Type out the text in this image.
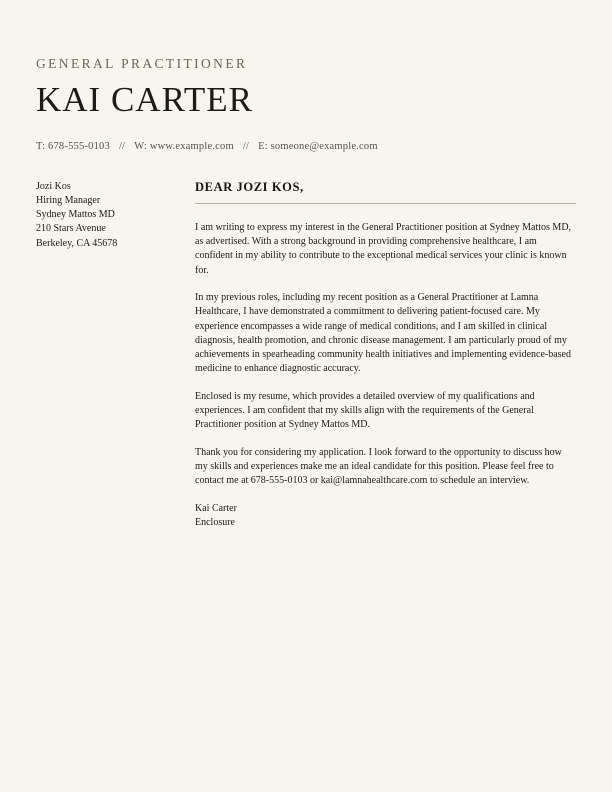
GENERAL PRACTITIONER
KAI CARTER
T: 678-555-0103 // W: www.example.com // E: someone@example.com
Jozi Kos
Hiring Manager
Sydney Mattos MD
210 Stars Avenue
Berkeley, CA 45678
DEAR JOZI KOS,

I am writing to express my interest in the General Practitioner position at Sydney Mattos MD, as advertised. With a strong background in providing comprehensive healthcare, I am confident in my ability to contribute to the exceptional medical services your clinic is known for.

In my previous roles, including my recent position as a General Practitioner at Lamna Healthcare, I have demonstrated a commitment to delivering patient-focused care. My experience encompasses a wide range of medical conditions, and I am skilled in clinical diagnosis, health promotion, and chronic disease management. I am particularly proud of my achievements in spearheading community health initiatives and implementing evidence-based medicine to enhance diagnostic accuracy.

Enclosed is my resume, which provides a detailed overview of my qualifications and experiences. I am confident that my skills align with the requirements of the General Practitioner position at Sydney Mattos MD.

Thank you for considering my application. I look forward to the opportunity to discuss how my skills and experiences make me an ideal candidate for this position. Please feel free to contact me at 678-555-0103 or kai@lamnahealthcare.com to schedule an interview.

Kai Carter
Enclosure
